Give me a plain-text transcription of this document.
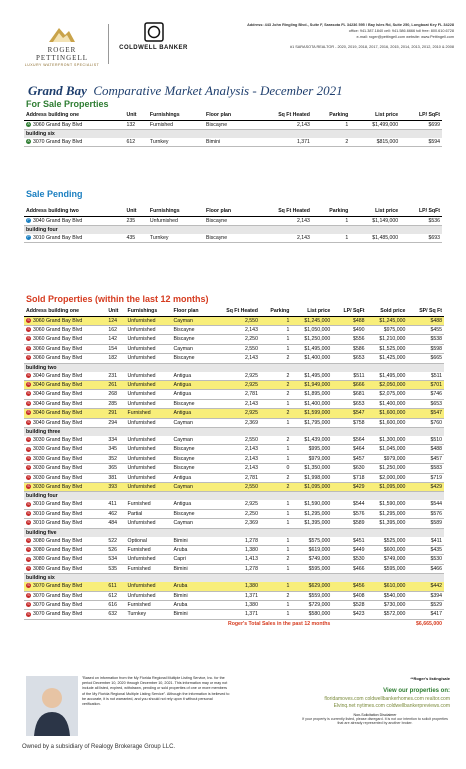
ROGER PETTINGELL
LUXURY WATERFRONT SPECIALIST
COLDWELL BANKER
Address: 443 John Ringling Blvd., Suite F, Sarasota FL 34236 595 / Bay Isles Rd, Suite 250, Longboat Key FL 34228
office: 941.387.1840 cell: 941.586.6666 toll free: 800.610.6728
e-mail: roger@pettingell.com website: www.Pettingell.com
#1 SARASOTA REALTOR - 2020, 2019, 2018, 2017, 2016, 2015, 2014, 2013, 2012, 2010 & 2008
Grand Bay Comparative Market Analysis - December 2021
For Sale Properties
Address building one	Unit	Furnishings	Floor plan	Sq Ft Heated	Parking	List price	LP/ SqFt
A 3060 Grand Bay Blvd	132	Furnished	Biscayne	2,143	1	$1,499,000	$699
building six							
A 3070 Grand Bay Blvd	612	Turnkey	Bimini	1,371	2	$815,000	$594
Sale Pending
Address building two	Unit	Furnishings	Floor plan	Sq Ft Heated	Parking	List price	LP/ SqFt
P 3040 Grand Bay Blvd	235	Unfurnished	Biscayne	2,143	1	$1,149,000	$536
building four							
P 3010 Grand Bay Blvd	435	Turnkey	Biscayne	2,143	1	$1,485,000	$693
Sold Properties (within the last 12 months)
Address building one	Unit	Furnishings	Floor plan	Sq Ft Heated	Parking	List price	LP/ SqFt	Sold price	SP/ Sq Ft
S 3060 Grand Bay Blvd	124	Unfurnished	Cayman	2,550	1	$1,245,000	$488	$1,245,000	$488
S 3060 Grand Bay Blvd	162	Unfurnished	Biscayne	2,143	1	$1,050,000	$490	$975,000	$455
S 3060 Grand Bay Blvd	142	Unfurnished	Biscayne	2,250	1	$1,250,000	$556	$1,210,000	$538
S 3060 Grand Bay Blvd	154	Unfurnished	Cayman	2,550	1	$1,495,000	$586	$1,525,000	$598
S 3060 Grand Bay Blvd	182	Unfurnished	Biscayne	2,143	2	$1,400,000	$653	$1,425,000	$665
building two									
S 3040 Grand Bay Blvd	231	Unfurnished	Antigua	2,925	2	$1,495,000	$511	$1,495,000	$511
S 3040 Grand Bay Blvd	261	Unfurnished	Antigua	2,925	2	$1,949,000	$666	$2,050,000	$701
S 3040 Grand Bay Blvd	268	Unfurnished	Antigua	2,781	2	$1,895,000	$681	$2,075,000	$746
S 3040 Grand Bay Blvd	285	Unfurnished	Biscayne	2,143	1	$1,400,000	$653	$1,400,000	$653
S 3040 Grand Bay Blvd	291	Furnished	Antigua	2,925	2	$1,599,000	$547	$1,600,000	$547
S 3040 Grand Bay Blvd	294	Unfurnished	Cayman	2,369	1	$1,795,000	$758	$1,600,000	$760
building three									
S 3030 Grand Bay Blvd	334	Unfurnished	Cayman	2,550	2	$1,439,000	$564	$1,300,000	$510
S 3030 Grand Bay Blvd	345	Unfurnished	Biscayne	2,143	1	$995,000	$464	$1,045,000	$488
S 3030 Grand Bay Blvd	352	Unfurnished	Biscayne	2,143	1	$979,000	$457	$979,000	$457
S 3030 Grand Bay Blvd	365	Unfurnished	Biscayne	2,143	0	$1,350,000	$630	$1,250,000	$583
S 3030 Grand Bay Blvd	381	Unfurnished	Antigua	2,781	2	$1,998,000	$718	$2,000,000	$719
S 3030 Grand Bay Blvd	393	Unfurnished	Cayman	2,550	2	$1,095,000	$429	$1,095,000	$429
building four									
S 3010 Grand Bay Blvd	411	Furnished	Antigua	2,925	1	$1,590,000	$544	$1,590,000	$544
S 3010 Grand Bay Blvd	462	Partial	Biscayne	2,250	1	$1,295,000	$576	$1,295,000	$576
S 3010 Grand Bay Blvd	484	Unfurnished	Cayman	2,369	1	$1,395,000	$589	$1,395,000	$589
building five									
S 3080 Grand Bay Blvd	522	Optional	Bimini	1,278	1	$575,000	$451	$525,000	$411
S 3080 Grand Bay Blvd	526	Furnished	Aruba	1,380	1	$619,000	$449	$600,000	$435
S 3080 Grand Bay Blvd	534	Unfurnished	Capri	1,413	2	$749,000	$530	$749,000	$530
S 3080 Grand Bay Blvd	535	Furnished	Bimini	1,278	1	$595,000	$466	$595,000	$466
building six									
S 3070 Grand Bay Blvd	611	Unfurnished	Aruba	1,380	1	$629,000	$456	$610,000	$442
S 3070 Grand Bay Blvd	612	Unfurnished	Bimini	1,371	2	$559,000	$408	$540,000	$394
S 3070 Grand Bay Blvd	616	Furnished	Aruba	1,380	1	$729,000	$528	$730,000	$529
S 3070 Grand Bay Blvd	632	Turnkey	Bimini	1,371	1	$580,000	$423	$572,000	$417
Roger's Total Sales in the past 12 months							$6,665,000		
"Based on information from the My Florida Regional Multiple Listing Service, Inc. for the period December 10, 2020 through December 10, 2021. This information may or may not include all listed, expired, withdrawn, pending or sold properties of one or more members of the My Florida Regional Multiple Listing Service". Although the information is believed to be accurate, it is not warranted, and you should not rely upon it without personal verification.
**Roger's listing/sale
View our properties on:
floridamoves.com coldwellbankerhomes.com realtor.com
Elvinq.net nytimes.com coldwellbankerpreviews.com
Non-Solicitation Disclaimer
If your property is currently listed, please disregard. It is not our intention to solicit properties that are already represented by another broker.
Owned by a subsidiary of Realogy Brokerage Group LLC.
